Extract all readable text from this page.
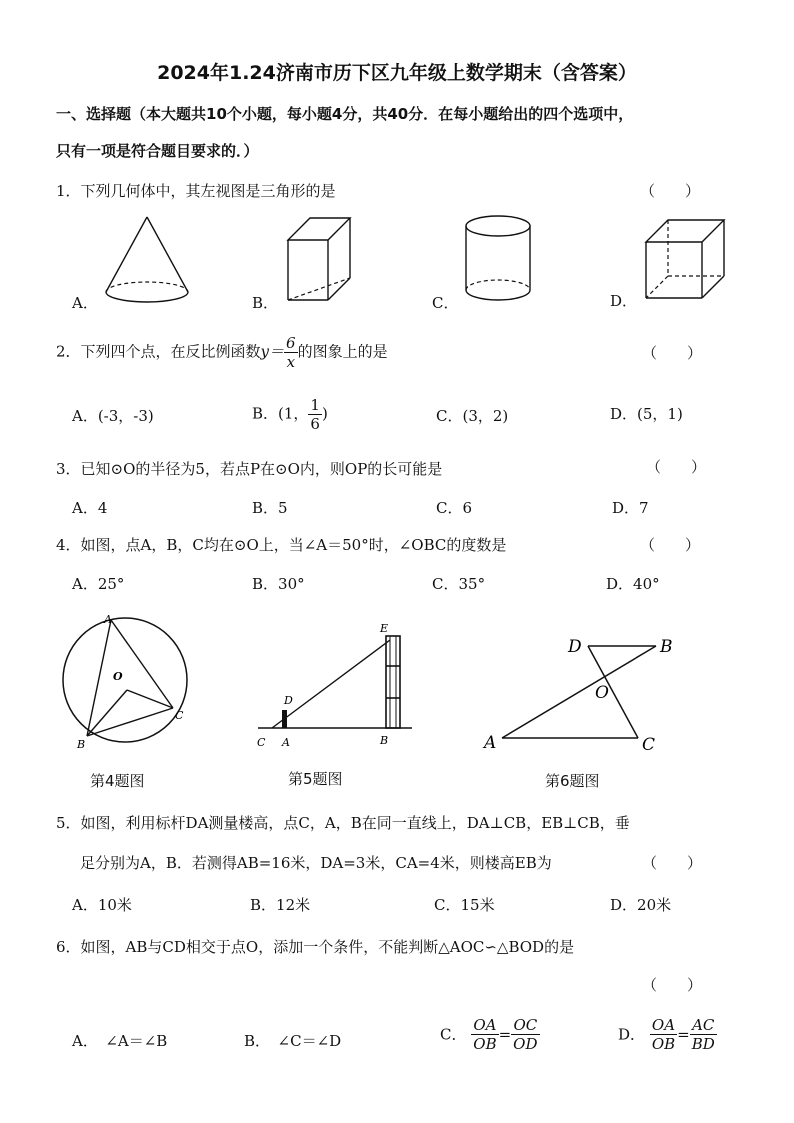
2024年1.24济南市历下区九年级上数学期末（含答案）
一、选择题（本大题共10个小题，每小题4分，共40分．在每小题给出的四个选项中，
只有一项是符合题目要求的．）
1．下列几何体中，其左视图是三角形的是	（　　）
A．	B．	C．	D．
2．下列四个点，在反比例函数$y= \frac{6}{x}$ 的图象上的是	（　　）
A．(-3，-3)	B．(1， $\frac{1}{6}$ )	C．(3，2)	D．(5，1)
3．已知⊙O的半径为5，若点P在⊙O内，则OP的长可能是	（　　）
A．4	B．5	C．6	D．7
4．如图，点A，B，C均在⊙O上，当∠A＝50°时，∠OBC的度数是	（　　）
A．25°	B．30°	C．35°	D．40°
A
O
B
C
E
D
C A	B
D	B
O
A	C
第4题图	第5题图	第6题图
5．如图，利用标杆DA测量楼高，点C，A，B在同一直线上，DA⊥CB，EB⊥CB，垂
足分别为A，B．若测得AB=16米，DA=3米，CA=4米，则楼高EB为	（　　）
A．10米	B．12米	C．15米	D．20米
6．如图，AB与CD相交于点O，添加一个条件，不能判断△AOC∽△BOD的是
（　　）
A．　∠A＝∠B	B．　∠C＝∠D	C． $\frac{OA}{OB} = \frac{OC}{OD}$	D． $\frac{OA}{OB} = \frac{AC}{BD}$
